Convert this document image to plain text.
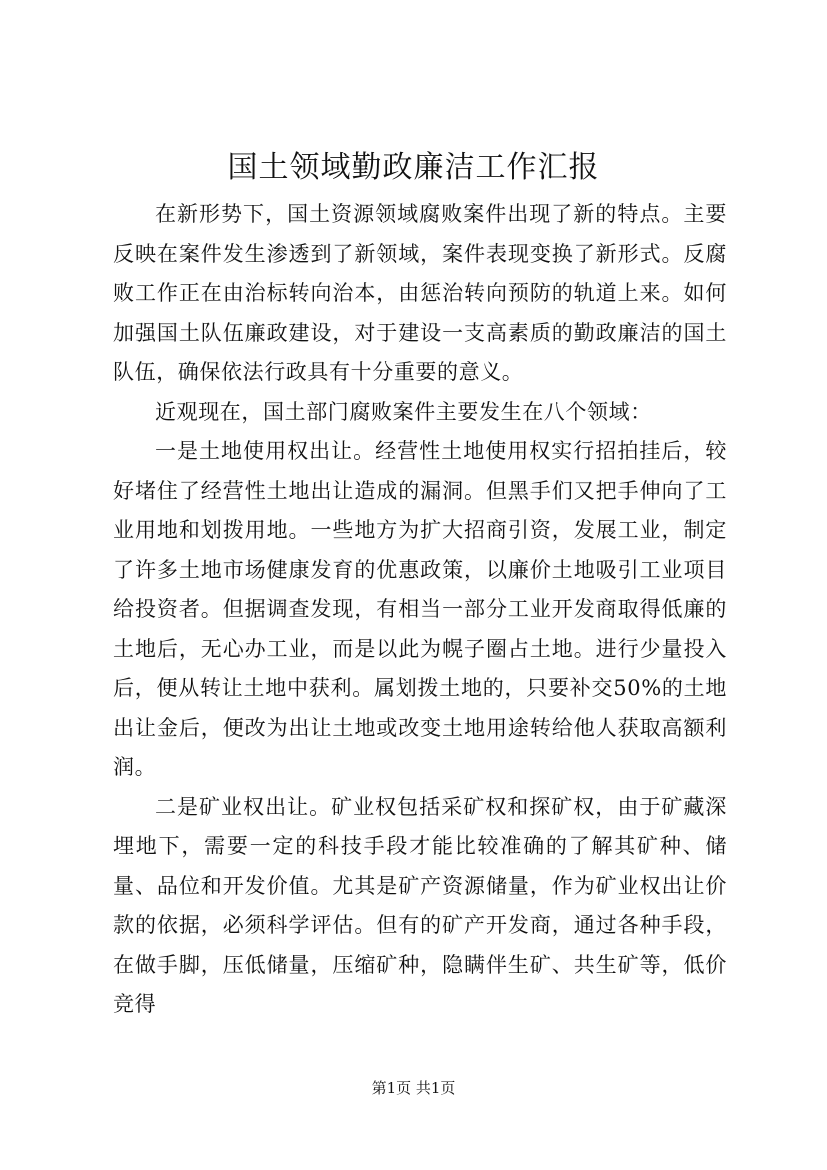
国土领域勤政廉洁工作汇报

在新形势下，国土资源领域腐败案件出现了新的特点。主要反映在案件发生渗透到了新领域，案件表现变换了新形式。反腐败工作正在由治标转向治本，由惩治转向预防的轨道上来。如何加强国土队伍廉政建设，对于建设一支高素质的勤政廉洁的国土队伍，确保依法行政具有十分重要的意义。

近观现在，国土部门腐败案件主要发生在八个领域：

一是土地使用权出让。经营性土地使用权实行招拍挂后，较好堵住了经营性土地出让造成的漏洞。但黑手们又把手伸向了工业用地和划拨用地。一些地方为扩大招商引资，发展工业，制定了许多土地市场健康发育的优惠政策，以廉价土地吸引工业项目给投资者。但据调查发现，有相当一部分工业开发商取得低廉的土地后，无心办工业，而是以此为幌子圈占土地。进行少量投入后，便从转让土地中获利。属划拨土地的，只要补交50%的土地出让金后，便改为出让土地或改变土地用途转给他人获取高额利润。

二是矿业权出让。矿业权包括采矿权和探矿权，由于矿藏深埋地下，需要一定的科技手段才能比较准确的了解其矿种、储量、品位和开发价值。尤其是矿产资源储量，作为矿业权出让价款的依据，必须科学评估。但有的矿产开发商，通过各种手段，在做手脚，压低储量，压缩矿种，隐瞒伴生矿、共生矿等，低价竞得

第1页 共1页
